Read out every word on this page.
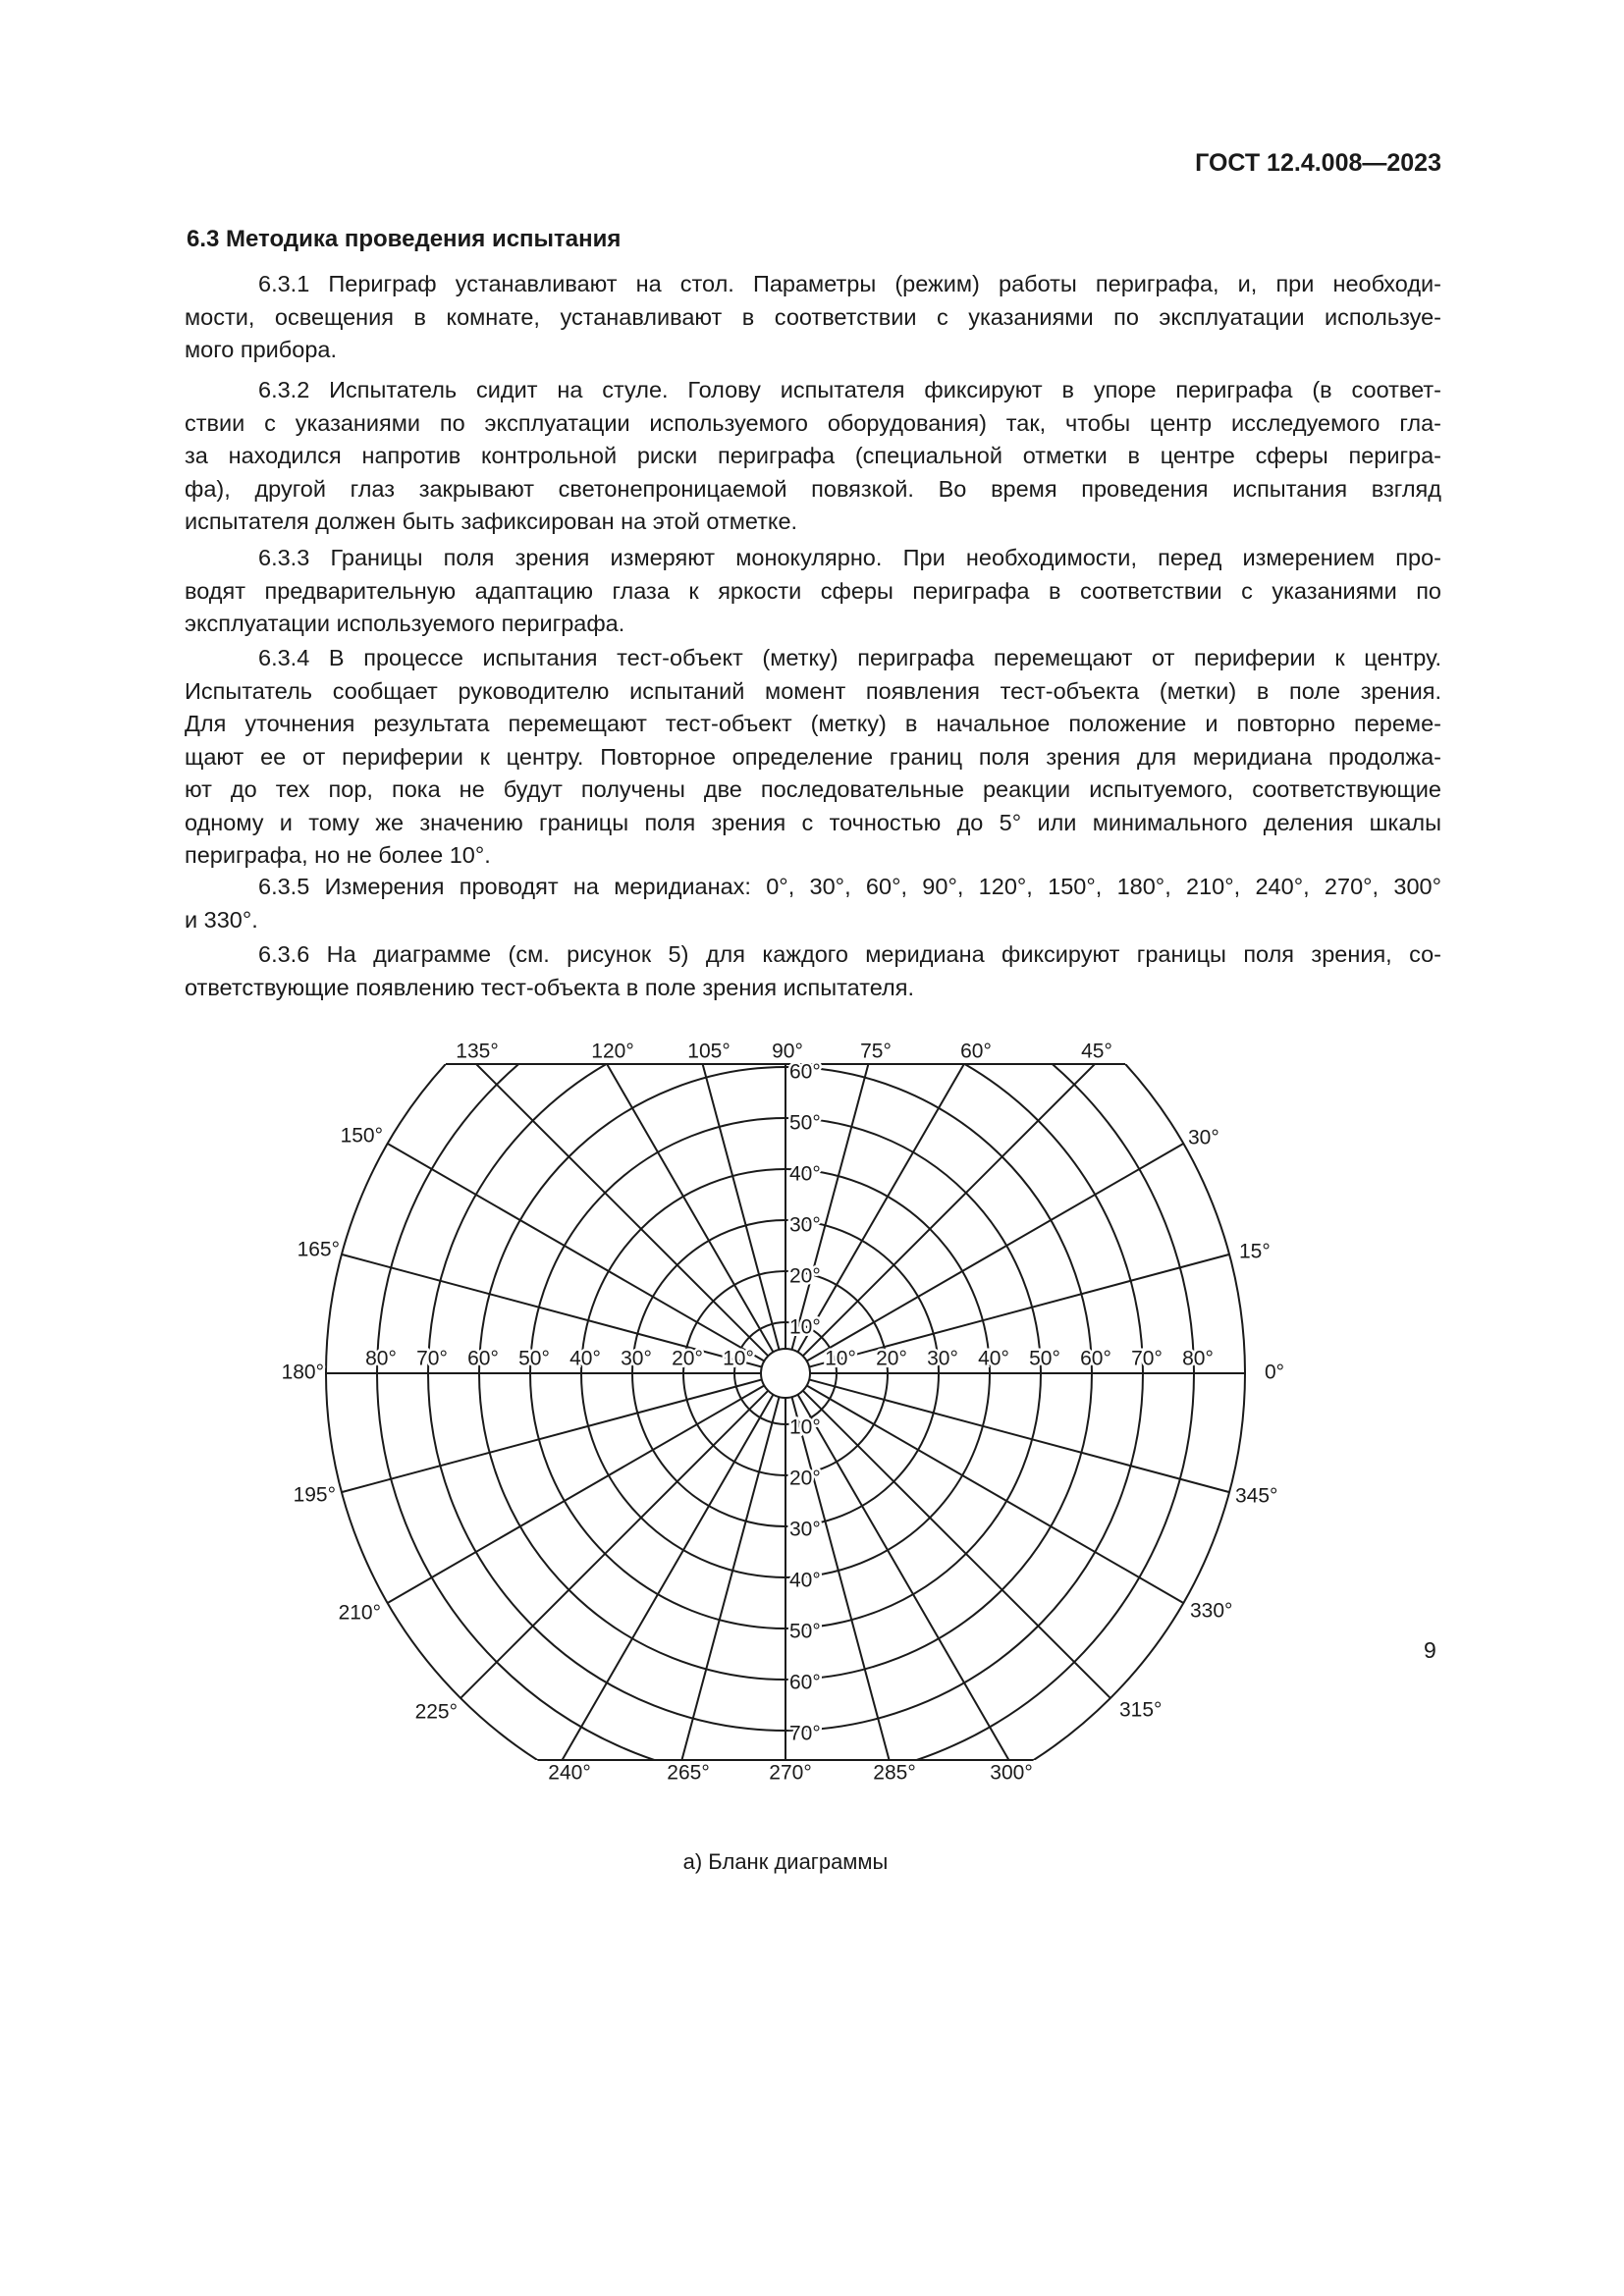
ГОСТ 12.4.008—2023
6.3 Методика проведения испытания
6.3.1 Периграф устанавливают на стол. Параметры (режим) работы периграфа, и, при необходи-
мости, освещения в комнате, устанавливают в соответствии с указаниями по эксплуатации используе-
мого прибора.
6.3.2 Испытатель сидит на стуле. Голову испытателя фиксируют в упоре периграфа (в соответ-
ствии с указаниями по эксплуатации используемого оборудования) так, чтобы центр исследуемого гла-
за находился напротив контрольной риски периграфа (специальной отметки в центре сферы перигра-
фа), другой глаз закрывают светонепроницаемой повязкой. Во время проведения испытания взгляд
испытателя должен быть зафиксирован на этой отметке.
6.3.3 Границы поля зрения измеряют монокулярно. При необходимости, перед измерением про-
водят предварительную адаптацию глаза к яркости сферы периграфа в соответствии с указаниями по
эксплуатации используемого периграфа.
6.3.4 В процессе испытания тест-объект (метку) периграфа перемещают от периферии к центру.
Испытатель сообщает руководителю испытаний момент появления тест-объекта (метки) в поле зрения.
Для уточнения результата перемещают тест-объект (метку) в начальное положение и повторно переме-
щают ее от периферии к центру. Повторное определение границ поля зрения для меридиана продолжа-
ют до тех пор, пока не будут получены две последовательные реакции испытуемого, соответствующие
одному и тому же значению границы поля зрения с точностью до 5° или минимального деления шкалы
периграфа, но не более 10°.
6.3.5 Измерения проводят на меридианах: 0°, 30°, 60°, 90°, 120°, 150°, 180°, 210°, 240°, 270°, 300°
и 330°.
6.3.6 На диаграмме (см. рисунок 5) для каждого меридиана фиксируют границы поля зрения, со-
ответствующие появлению тест-объекта в поле зрения испытателя.
0°
15°
30°
45°
60°
75°
90°
105°
120°
135°
150°
165°
180°
195°
210°
225°
240°	265°	270°	285°	300°
315°
330°
345°
80° 70° 60° 50° 40° 30° 20° 10°	10° 20° 30° 40° 50° 60° 70° 80°
10°
20°
30°
40°
50°
60°
10°
20°
30°
40°
50°
60°
70°
а) Бланк диаграммы
9
